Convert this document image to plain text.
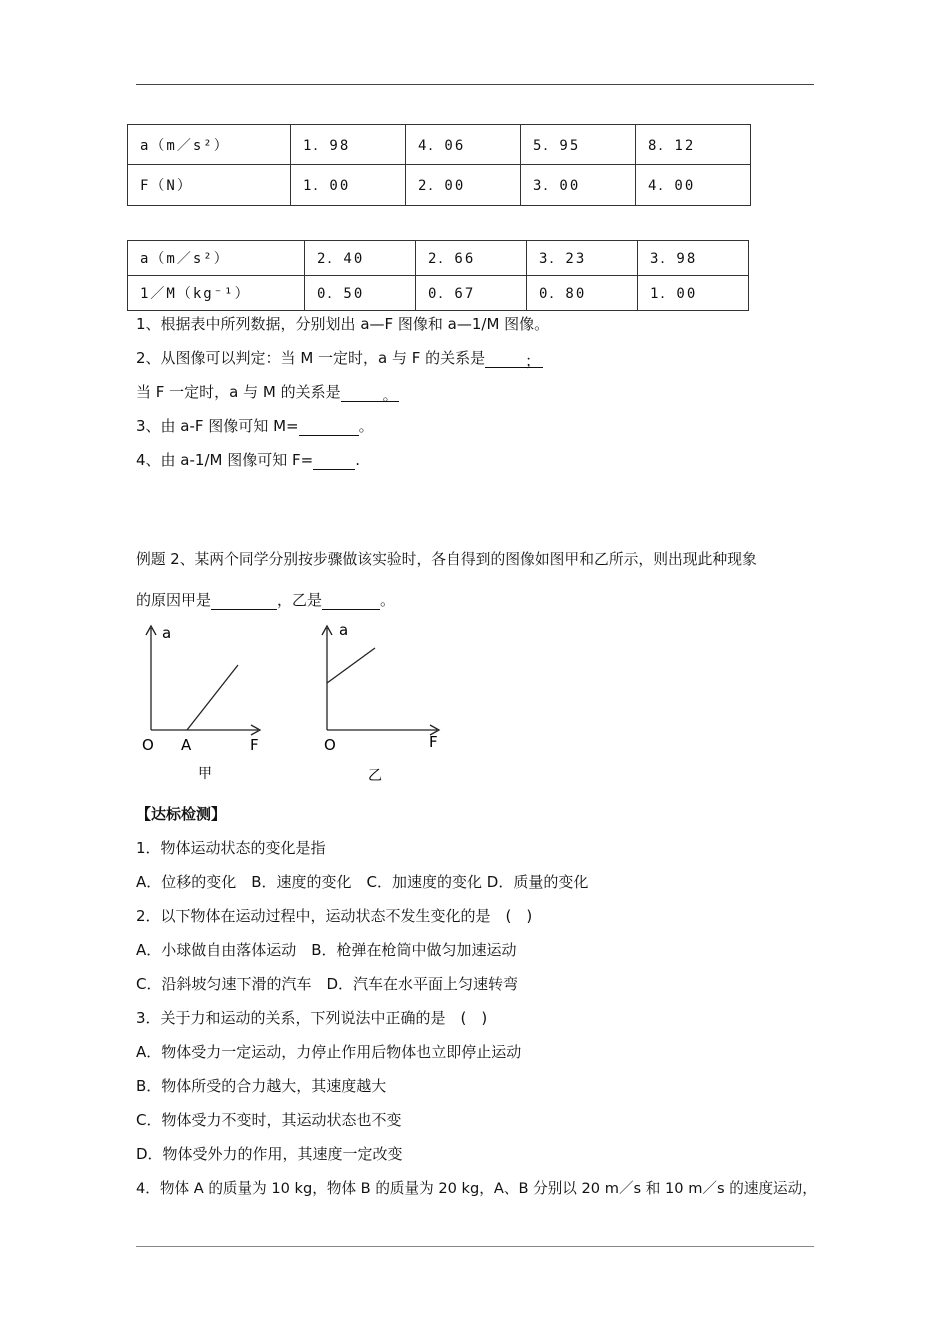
a（m／s²）	1．98	4．06	5．95	8．12
F（N）	1．00	2．00	3．00	4．00
a（m／s²）	2．40	2．66	3．23	3．98
1／M（kg⁻¹）	0．50	0．67	0．80	1．00
1、根据表中所列数据，分别划出 a—F 图像和 a—1/M 图像。
2、从图像可以判定：当 M 一定时，a 与 F 的关系是	；
当 F 一定时，a 与 M 的关系是	。
3、由 a-F 图像可知 M=	。
4、由 a-1/M 图像可知 F=	.
例题 2、某两个同学分别按步骤做该实验时，各自得到的图像如图甲和乙所示，则出现此种现象
的原因甲是	，乙是	。
a
O A	F
甲
a
O	F
乙
【达标检测】
1．物体运动状态的变化是指
A．位移的变化　B．速度的变化　C．加速度的变化 D．质量的变化
2．以下物体在运动过程中，运动状态不发生变化的是　(　)
A．小球做自由落体运动　B．枪弹在枪筒中做匀加速运动
C．沿斜坡匀速下滑的汽车　D．汽车在水平面上匀速转弯
3．关于力和运动的关系，下列说法中正确的是　(　)
A．物体受力一定运动，力停止作用后物体也立即停止运动
B．物体所受的合力越大，其速度越大
C．物体受力不变时，其运动状态也不变
D．物体受外力的作用，其速度一定改变
4．物体 A 的质量为 10 kg，物体 B 的质量为 20 kg，A、B 分别以 20 m／s 和 10 m／s 的速度运动，
